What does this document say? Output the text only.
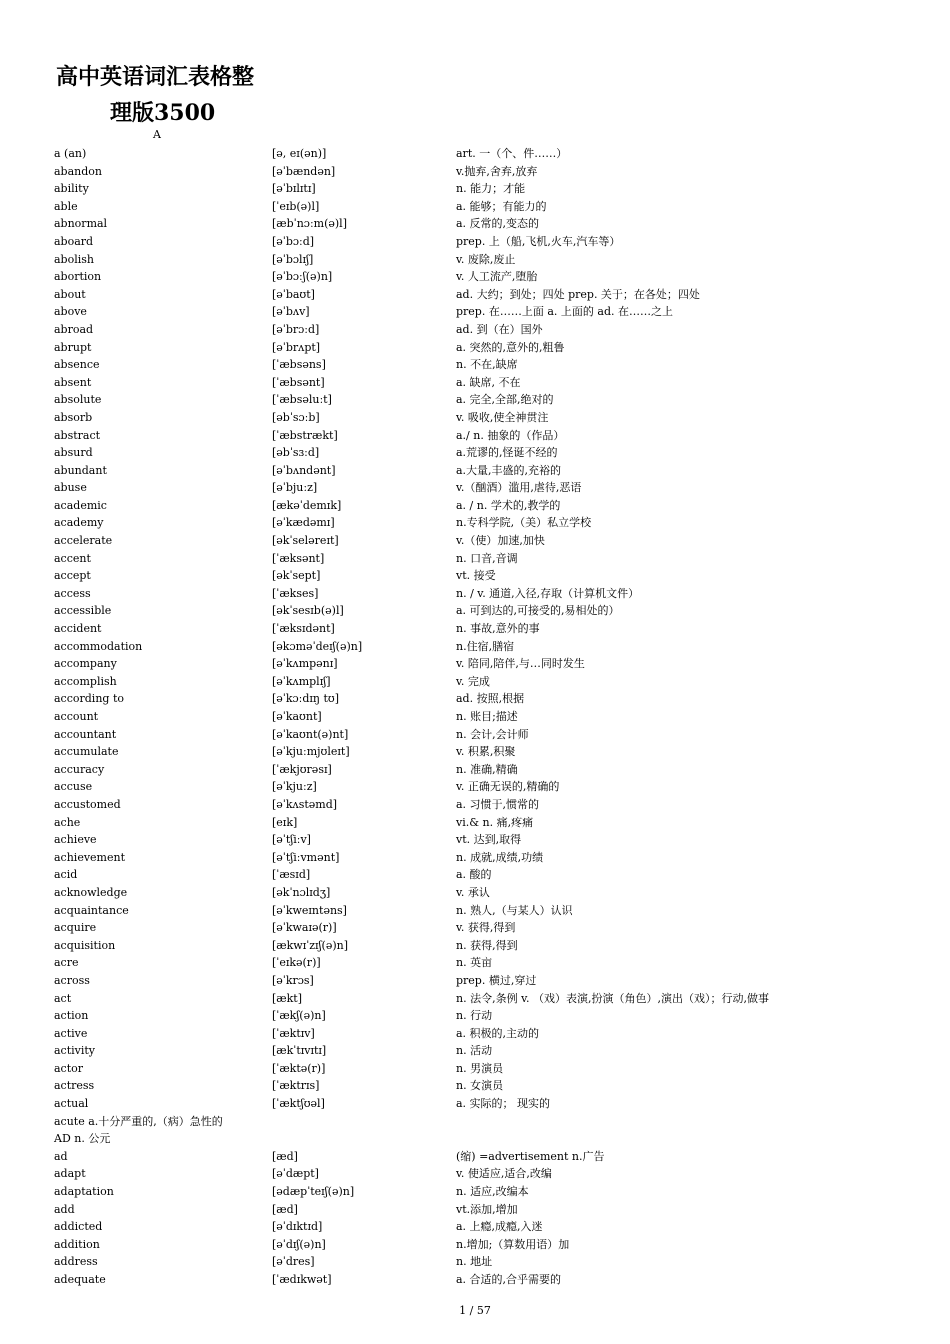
高中英语词汇表格整
理版3500
A
a (an)	[ə, eɪ(ən)]	art. 一（个、件……）
abandon	[əˈbændən]	v.抛弃,舍弃,放弃
ability	[əˈbɪlɪtɪ]	n. 能力；才能
able	[ˈeɪb(ə)l]	a. 能够；有能力的
abnormal	[æbˈnɔːm(ə)l]	a. 反常的,变态的
aboard	[əˈbɔːd]	prep. 上（船,飞机,火车,汽车等）
abolish	[əˈbɔlɪʃ]	v. 废除,废止
abortion	[əˈbɔːʃ(ə)n]	v. 人工流产,堕胎
about	[əˈbaʊt]	ad. 大约；到处；四处 prep. 关于；在各处；四处
above	[əˈbʌv]	prep. 在……上面 a. 上面的 ad. 在……之上
abroad	[əˈbrɔːd]	ad. 到（在）国外
abrupt	[əˈbrʌpt]	a. 突然的,意外的,粗鲁
absence	[ˈæbsəns]	n. 不在,缺席
absent	[ˈæbsənt]	a. 缺席, 不在
absolute	[ˈæbsəluːt]	a. 完全,全部,绝对的
absorb	[əbˈsɔːb]	v. 吸收,使全神贯注
abstract	[ˈæbstrækt]	a./ n. 抽象的（作品）
absurd	[əbˈsɜːd]	a.荒谬的,怪诞不经的
abundant	[əˈbʌndənt]	a.大量,丰盛的,充裕的
abuse	[əˈbjuːz]	v.（酗酒）滥用,虐待,恶语
academic	[ækəˈdemɪk]	a. / n. 学术的,教学的
academy	[əˈkædəmɪ]	n.专科学院,（美）私立学校
accelerate	[əkˈseləreɪt]	v.（使）加速,加快
accent	[ˈæksənt]	n. 口音,音调
accept	[əkˈsept]	vt. 接受
access	[ˈækses]	n. / v. 通道,入径,存取（计算机文件）
accessible	[əkˈsesɪb(ə)l]	a. 可到达的,可接受的,易相处的）
accident	[ˈæksɪdənt]	n. 事故,意外的事
accommodation	[əkɔməˈdeɪʃ(ə)n]	n.住宿,膳宿
accompany	[əˈkʌmpənɪ]	v. 陪同,陪伴,与…同时发生
accomplish	[əˈkʌmplɪʃ]	v. 完成
according to	[əˈkɔːdɪŋ tʊ]	ad. 按照,根据
account	[əˈkaʊnt]	n. 账目;描述
accountant	[əˈkaʊnt(ə)nt]	n. 会计,会计师
accumulate	[əˈkjuːmjʊleɪt]	v. 积累,积聚
accuracy	[ˈækjʊrəsɪ]	n. 准确,精确
accuse	[əˈkjuːz]	v. 正确无误的,精确的
accustomed	[əˈkʌstəmd]	a. 习惯于,惯常的
ache	[eɪk]	vi.& n. 痛,疼痛
achieve	[əˈtʃiːv]	vt. 达到,取得
achievement	[əˈtʃiːvmənt]	n. 成就,成绩,功绩
acid	[ˈæsɪd]	a. 酸的
acknowledge	[əkˈnɔlɪdʒ]	v. 承认
acquaintance	[əˈkweɪntəns]	n. 熟人,（与某人）认识
acquire	[əˈkwaɪə(r)]	v. 获得,得到
acquisition	[ækwɪˈzɪʃ(ə)n]	n. 获得,得到
acre	[ˈeɪkə(r)]	n. 英亩
across	[əˈkrɔs]	prep. 横过,穿过
act	[ækt]	n. 法令,条例 v. （戏）表演,扮演（角色）,演出（戏）；行动,做事
action	[ˈækʃ(ə)n]	n. 行动
active	[ˈæktɪv]	a. 积极的,主动的
activity	[ækˈtɪvɪtɪ]	n. 活动
actor	[ˈæktə(r)]	n. 男演员
actress	[ˈæktrɪs]	n. 女演员
actual	[ˈæktʃʊəl]	a. 实际的； 现实的
acute a.十分严重的,（病）急性的
AD n. 公元
ad	[æd]	(缩) =advertisement n.广告
adapt	[əˈdæpt]	v. 使适应,适合,改编
adaptation	[ədæpˈteɪʃ(ə)n]	n. 适应,改编本
add	[æd]	vt.添加,增加
addicted	[əˈdɪktɪd]	a. 上瘾,成瘾,入迷
addition	[əˈdɪʃ(ə)n]	n.增加;（算数用语）加
address	[əˈdres]	n. 地址
adequate	[ˈædɪkwət]	a. 合适的,合乎需要的
1 / 57
